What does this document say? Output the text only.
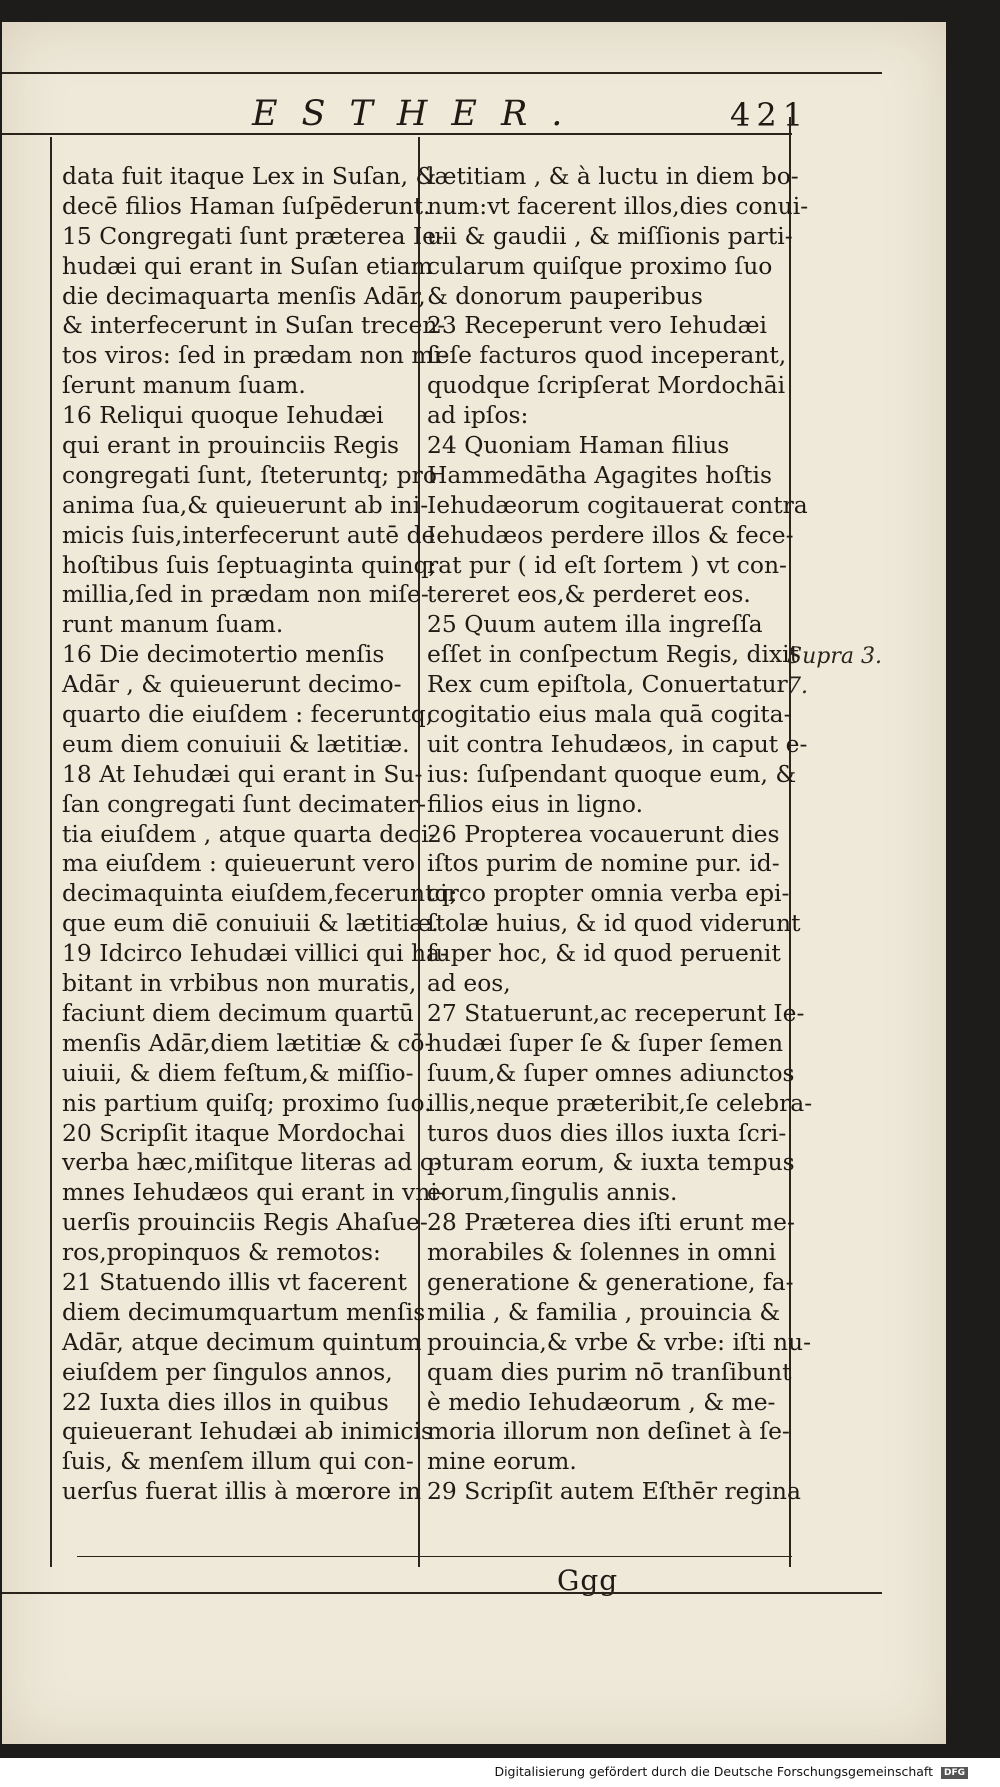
ESTHER.	421
data fuit itaque Lex in Suſan, &
decē filios Haman ſuſpēderunt.
15 Congregati ſunt præterea Ie-
hudæi qui erant in Suſan etiam
die decimaquarta menſis Adār,
& interfecerunt in Suſan trecen-
tos viros: ſed in prædam non mi-
ſerunt manum ſuam.
16 Reliqui quoque Iehudæi
qui erant in prouinciis Regis
congregati ſunt, ſteteruntq; pro
anima ſua,& quieuerunt ab ini-
micis ſuis,interfecerunt autē de
hoſtibus ſuis ſeptuaginta quinq;
millia,ſed in prædam non miſe-
runt manum ſuam.
16 Die decimotertio menſis
Adār , & quieuerunt decimo-
quarto die eiuſdem : feceruntq;
eum diem conuiuii & lætitiæ.
18 At Iehudæi qui erant in Su-
ſan congregati ſunt decimater-
tia eiuſdem , atque quarta deci-
ma eiuſdem : quieuerunt vero
decimaquinta eiuſdem,feceruntq;
que eum diē conuiuii & lætitiæ.
19 Idcirco Iehudæi villici qui ha-
bitant in vrbibus non muratis,
faciunt diem decimum quartū
menſis Adār,diem lætitiæ & cō-
uiuii, & diem feſtum,& miſſio-
nis partium quiſq; proximo ſuo.
20 Scripſit itaque Mordochai
verba hæc,miſitque literas ad o-
mnes Iehudæos qui erant in vni-
uerſis prouinciis Regis Ahaſue-
ros,propinquos & remotos:
21 Statuendo illis vt facerent
diem decimumquartum menſis
Adār, atque decimum quintum
eiuſdem per ſingulos annos,
22 Iuxta dies illos in quibus
quieuerant Iehudæi ab inimicis
ſuis, & menſem illum qui con-
uerſus fuerat illis à mœrore in
lætitiam , & à luctu in diem bo-
num:vt facerent illos,dies conui-
uii & gaudii , & miſſionis parti-
cularum quiſque proximo ſuo
& donorum pauperibus
23 Receperunt vero Iehudæi
ſeſe facturos quod inceperant,
quodque ſcripſerat Mordochāi
ad ipſos:
24 Quoniam Haman filius
Hammedātha Agagites hoſtis
Iehudæorum cogitauerat contra
Iehudæos perdere illos & fece-
rat pur ( id eſt ſortem ) vt con-
tereret eos,& perderet eos.
25 Quum autem illa ingreſſa
eſſet in conſpectum Regis, dixit
Rex cum epiſtola, Conuertatur
cogitatio eius mala quā cogita-
uit contra Iehudæos, in caput e-
ius: ſuſpendant quoque eum, &
filios eius in ligno.
26 Propterea vocauerunt dies
iſtos purim de nomine pur. id-
circo propter omnia verba epi-
ſtolæ huius, & id quod viderunt
ſuper hoc, & id quod peruenit
ad eos,
27 Statuerunt,ac receperunt Ie-
hudæi ſuper ſe & ſuper ſemen
ſuum,& ſuper omnes adiunctos
illis,neque præteribit,ſe celebra-
turos duos dies illos iuxta ſcri-
pturam eorum, & iuxta tempus
eorum,ſingulis annis.
28 Præterea dies iſti erunt me-
morabiles & ſolennes in omni
generatione & generatione, fa-
milia , & familia , prouincia &
prouincia,& vrbe & vrbe: iſti nu-
quam dies purim nō tranſibunt
è medio Iehudæorum , & me-
moria illorum non deſinet à ſe-
mine eorum.
29 Scripſit autem Eſthēr regina
Supra 3.
7.
Ggg
Digitalisierung gefördert durch die Deutsche Forschungsgemeinschaft DFG
